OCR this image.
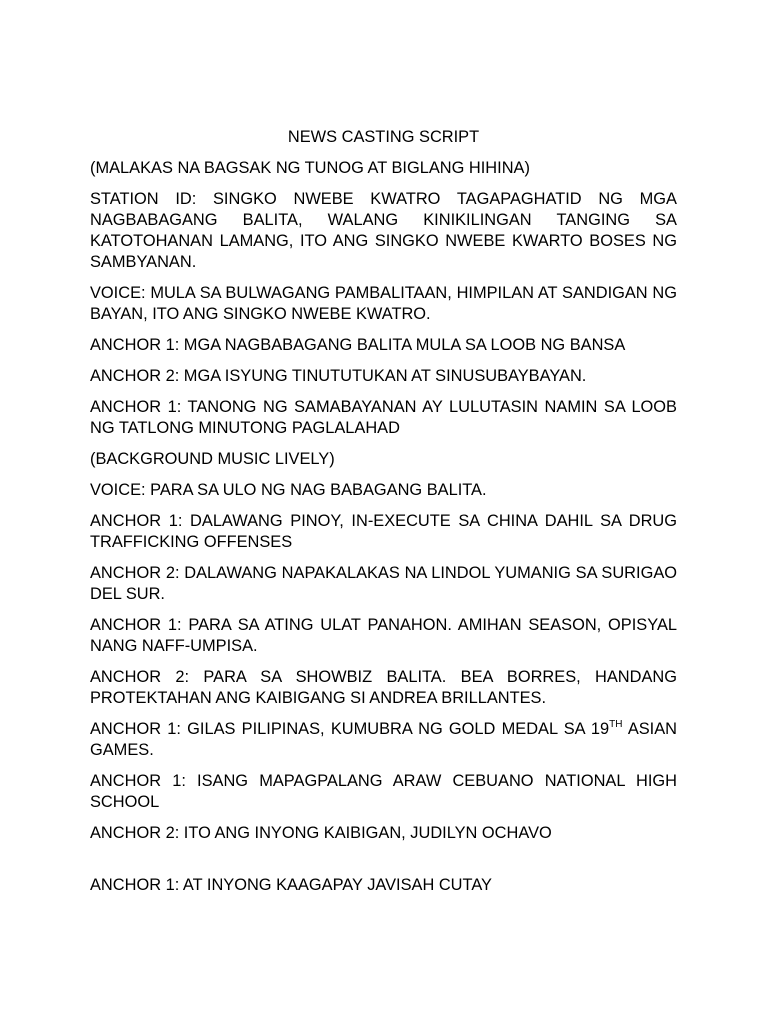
NEWS CASTING SCRIPT

(MALAKAS NA BAGSAK NG TUNOG AT BIGLANG HIHINA)

STATION ID: SINGKO NWEBE KWATRO TAGAPAGHATID NG MGA NAGBABAGANG BALITA, WALANG KINIKILINGAN TANGING SA KATOTOHANAN LAMANG, ITO ANG SINGKO NWEBE KWARTO BOSES NG SAMBYANAN.

VOICE: MULA SA BULWAGANG PAMBALITAAN, HIMPILAN AT SANDIGAN NG BAYAN, ITO ANG SINGKO NWEBE KWATRO.

ANCHOR 1: MGA NAGBABAGANG BALITA MULA SA LOOB NG BANSA

ANCHOR 2: MGA ISYUNG TINUTUTUKAN AT SINUSUBAYBAYAN.

ANCHOR 1: TANONG NG SAMABAYANAN AY LULUTASIN NAMIN SA LOOB NG TATLONG MINUTONG PAGLALAHAD

(BACKGROUND MUSIC LIVELY)

VOICE: PARA SA ULO NG NAG BABAGANG BALITA.

ANCHOR 1: DALAWANG PINOY, IN-EXECUTE SA CHINA DAHIL SA DRUG TRAFFICKING OFFENSES

ANCHOR 2: DALAWANG NAPAKALAKAS NA LINDOL YUMANIG SA SURIGAO DEL SUR.

ANCHOR 1: PARA SA ATING ULAT PANAHON. AMIHAN SEASON, OPISYAL NANG NAFF-UMPISA.

ANCHOR 2: PARA SA SHOWBIZ BALITA. BEA BORRES, HANDANG PROTEKTAHAN ANG KAIBIGANG SI ANDREA BRILLANTES.

ANCHOR 1: GILAS PILIPINAS, KUMUBRA NG GOLD MEDAL SA 19TH ASIAN GAMES.

ANCHOR 1: ISANG MAPAGPALANG ARAW CEBUANO NATIONAL HIGH SCHOOL

ANCHOR 2: ITO ANG INYONG KAIBIGAN, JUDILYN OCHAVO

ANCHOR 1: AT INYONG KAAGAPAY JAVISAH CUTAY
